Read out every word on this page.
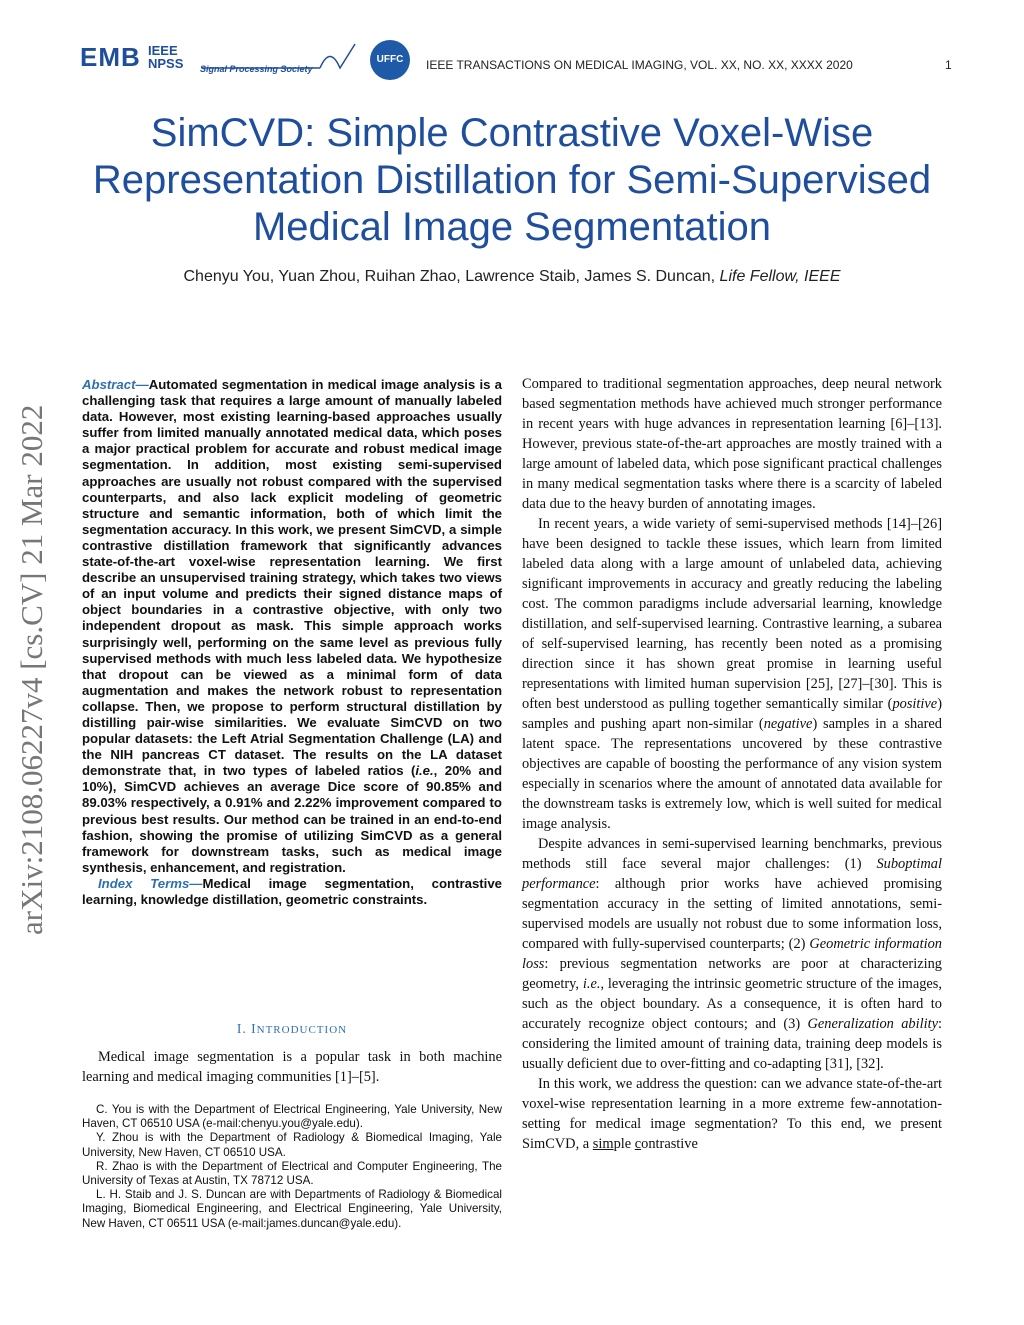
EMB IEEE
NPSS Signal Processing Society
UFFC	IEEE TRANSACTIONS ON MEDICAL IMAGING, VOL. XX, NO. XX, XXXX 2020	1
SimCVD: Simple Contrastive Voxel-Wise
Representation Distillation for Semi-Supervised
Medical Image Segmentation
Chenyu You, Yuan Zhou, Ruihan Zhao, Lawrence Staib, James S. Duncan, Life Fellow, IEEE
arXiv:2108.06227v4 [cs.CV] 21 Mar 2022
Abstract—Automated segmentation in medical image analysis is a challenging task that requires a large amount of manually labeled data. However, most existing learning-based approaches usually suffer from limited manually annotated medical data, which poses a major practical problem for accurate and robust medical image segmentation. In addition, most existing semi-supervised approaches are usually not robust compared with the supervised counterparts, and also lack explicit modeling of geometric structure and semantic information, both of which limit the segmentation accuracy. In this work, we present SimCVD, a simple contrastive distillation framework that significantly advances state-of-the-art voxel-wise representation learning. We first describe an unsupervised training strategy, which takes two views of an input volume and predicts their signed distance maps of object boundaries in a contrastive objective, with only two independent dropout as mask. This simple approach works surprisingly well, performing on the same level as previous fully supervised methods with much less labeled data. We hypothesize that dropout can be viewed as a minimal form of data augmentation and makes the network robust to representation collapse. Then, we propose to perform structural distillation by distilling pair-wise similarities. We evaluate SimCVD on two popular datasets: the Left Atrial Segmentation Challenge (LA) and the NIH pancreas CT dataset. The results on the LA dataset demonstrate that, in two types of labeled ratios (i.e., 20% and 10%), SimCVD achieves an average Dice score of 90.85% and 89.03% respectively, a 0.91% and 2.22% improvement compared to previous best results. Our method can be trained in an end-to-end fashion, showing the promise of utilizing SimCVD as a general framework for downstream tasks, such as medical image synthesis, enhancement, and registration.
Index Terms—Medical image segmentation, contrastive learning, knowledge distillation, geometric constraints.
I. INTRODUCTION
Medical image segmentation is a popular task in both machine learning and medical imaging communities [1]–[5].

C. You is with the Department of Electrical Engineering, Yale University, New Haven, CT 06510 USA (e-mail:chenyu.you@yale.edu).

Y. Zhou is with the Department of Radiology & Biomedical Imaging, Yale University, New Haven, CT 06510 USA.

R. Zhao is with the Department of Electrical and Computer Engineering, The University of Texas at Austin, TX 78712 USA.

L. H. Staib and J. S. Duncan are with Departments of Radiology & Biomedical Imaging, Biomedical Engineering, and Electrical Engineering, Yale University, New Haven, CT 06511 USA (e-mail:james.duncan@yale.edu).

Compared to traditional segmentation approaches, deep neural network based segmentation methods have achieved much stronger performance in recent years with huge advances in representation learning [6]–[13]. However, previous state-of-the-art approaches are mostly trained with a large amount of labeled data, which pose significant practical challenges in many medical segmentation tasks where there is a scarcity of labeled data due to the heavy burden of annotating images.

In recent years, a wide variety of semi-supervised methods [14]–[26] have been designed to tackle these issues, which learn from limited labeled data along with a large amount of unlabeled data, achieving significant improvements in accuracy and greatly reducing the labeling cost. The common paradigms include adversarial learning, knowledge distillation, and self-supervised learning. Contrastive learning, a subarea of self-supervised learning, has recently been noted as a promising direction since it has shown great promise in learning useful representations with limited human supervision [25], [27]–[30]. This is often best understood as pulling together semantically similar (positive) samples and pushing apart non-similar (negative) samples in a shared latent space. The representations uncovered by these contrastive objectives are capable of boosting the performance of any vision system especially in scenarios where the amount of annotated data available for the downstream tasks is extremely low, which is well suited for medical image analysis.

Despite advances in semi-supervised learning benchmarks, previous methods still face several major challenges: (1) Suboptimal performance: although prior works have achieved promising segmentation accuracy in the setting of limited annotations, semi-supervised models are usually not robust due to some information loss, compared with fully-supervised counterparts; (2) Geometric information loss: previous segmentation networks are poor at characterizing geometry, i.e., leveraging the intrinsic geometric structure of the images, such as the object boundary. As a consequence, it is often hard to accurately recognize object contours; and (3) Generalization ability: considering the limited amount of training data, training deep models is usually deficient due to over-fitting and co-adapting [31], [32].

In this work, we address the question: can we advance state-of-the-art voxel-wise representation learning in a more extreme few-annotation-setting for medical image segmentation? To this end, we present SimCVD, a simple contrastive
